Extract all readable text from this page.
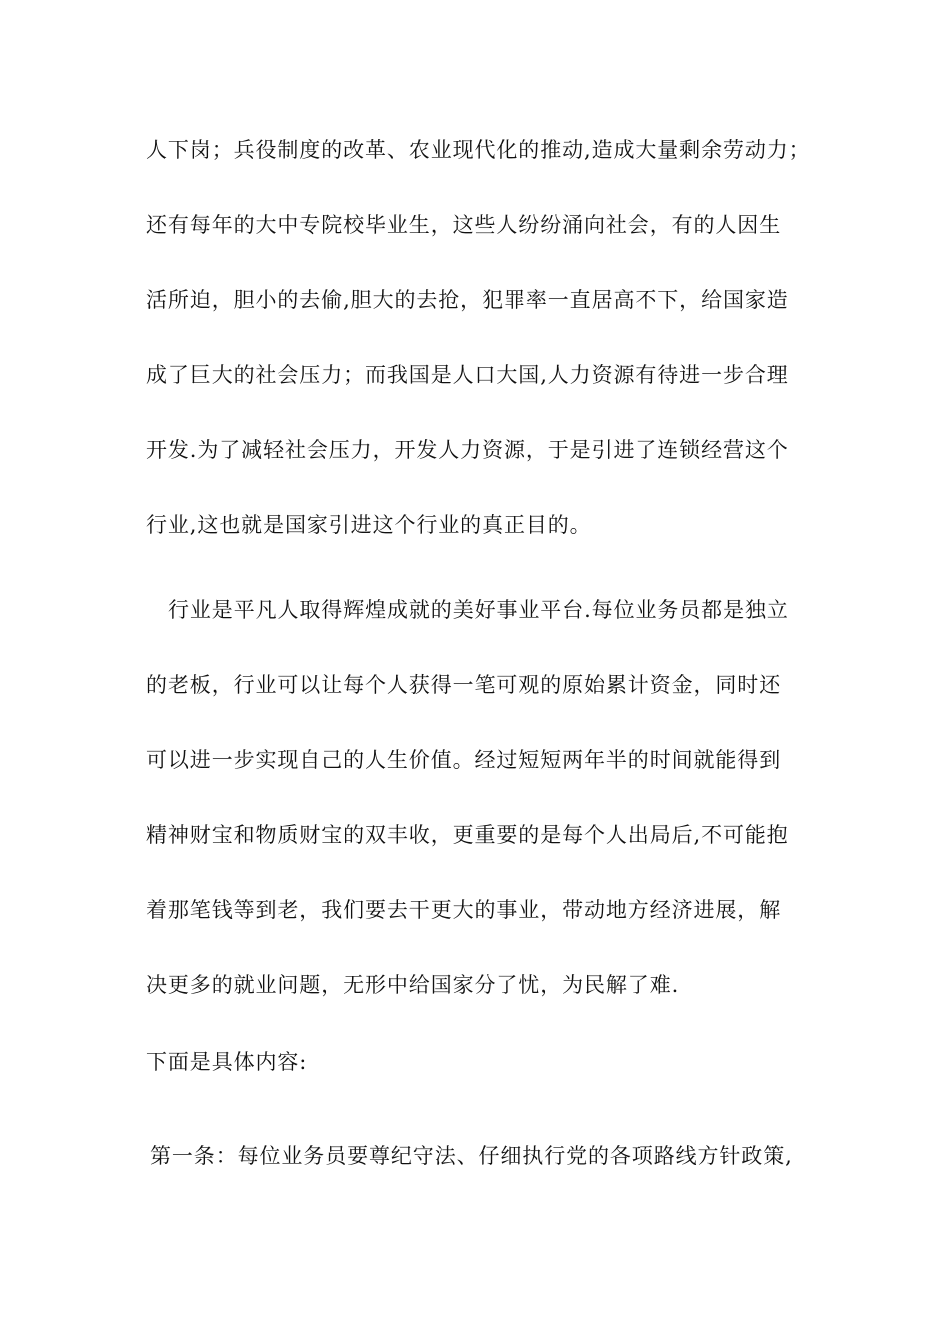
人下岗；兵役制度的改革、农业现代化的推动,造成大量剩余劳动力；
还有每年的大中专院校毕业生，这些人纷纷涌向社会，有的人因生
活所迫，胆小的去偷,胆大的去抢，犯罪率一直居高不下，给国家造
成了巨大的社会压力；而我国是人口大国,人力资源有待进一步合理
开发.为了减轻社会压力，开发人力资源，于是引进了连锁经营这个
行业,这也就是国家引进这个行业的真正目的。
行业是平凡人取得辉煌成就的美好事业平台.每位业务员都是独立
的老板，行业可以让每个人获得一笔可观的原始累计资金，同时还
可以进一步实现自己的人生价值。经过短短两年半的时间就能得到
精神财宝和物质财宝的双丰收，更重要的是每个人出局后,不可能抱
着那笔钱等到老，我们要去干更大的事业，带动地方经济进展，解
决更多的就业问题，无形中给国家分了忧，为民解了难.
下面是具体内容:
第一条：每位业务员要尊纪守法、仔细执行党的各项路线方针政策,
